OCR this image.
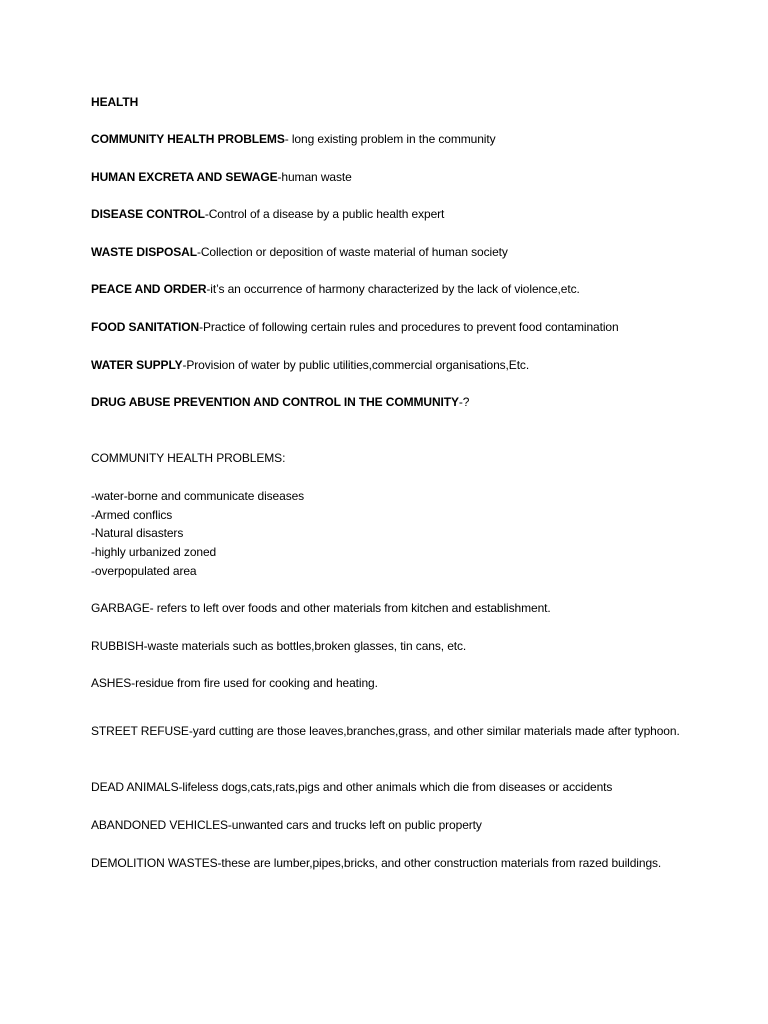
HEALTH
COMMUNITY HEALTH PROBLEMS- long existing problem in the community
HUMAN EXCRETA AND SEWAGE-human waste
DISEASE CONTROL-Control of a disease by a public health expert
WASTE DISPOSAL-Collection or deposition of waste material of human society
PEACE AND ORDER-it’s an occurrence of harmony characterized by the lack of violence,etc.
FOOD SANITATION-Practice of following certain rules and procedures to prevent food contamination
WATER SUPPLY-Provision of water by public utilities,commercial organisations,Etc.
DRUG ABUSE PREVENTION AND CONTROL IN THE COMMUNITY-?
COMMUNITY HEALTH PROBLEMS:
-water-borne and communicate diseases
-Armed conflics
-Natural disasters
-highly urbanized zoned
-overpopulated area
GARBAGE- refers to left over foods and other materials from kitchen and establishment.
RUBBISH-waste materials such as bottles,broken glasses, tin cans, etc.
ASHES-residue from fire used for cooking and heating.
STREET REFUSE-yard cutting are those leaves,branches,grass, and other similar materials made after typhoon.
DEAD ANIMALS-lifeless dogs,cats,rats,pigs and other animals which die from diseases or accidents
ABANDONED VEHICLES-unwanted cars and trucks left on public property
DEMOLITION WASTES-these are lumber,pipes,bricks, and other construction materials from razed buildings.
